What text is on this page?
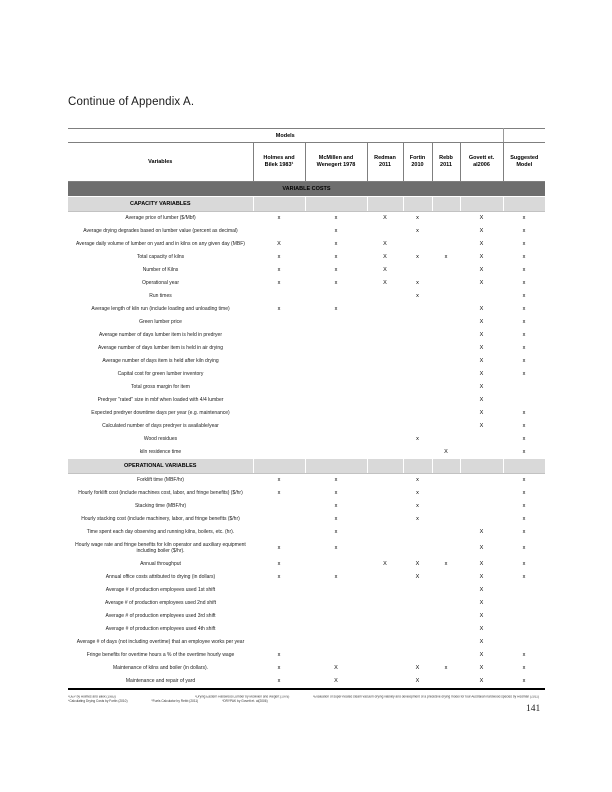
Continue of Appendix A.
Models							
Variables	Holmes and Bilek 1983¹	McMillen and Wenegert 1978	Redman 2011	Fortin 2010	Rebb 2011	Govett et. al2006	Suggested Model
VARIABLE COSTS							
CAPACITY VARIABLES							
Average price of lumber ($/Mbf)	x	x	X	x		X	x
Average drying degrades based on lumber value (percent as decimal)		x		x		X	x
Average daily volume of lumber on yard and in kilns on any given day (MBF)	X	x	X			X	x
Total capacity of kilns	x	x	X	x	x	X	x
Number of Kilns	x	x	X			X	x
Operational year	x	x	X	x		X	x
Run times				x			x
Average length of kiln run (include loading and unloading time)	x	x				X	x
Green lumber price						X	x
Average number of days lumber item is held in predryer						X	x
Average number of days lumber item is held in air drying						X	x
Average number of days item is held after kiln drying						X	x
Capital cost for green lumber inventory						X	x
Total gross margin for item						X	
Predryer "rated" size in mbf when loaded with 4/4 lumber						X	
Expected predryer downtime days per year (e.g. maintenance)						X	x
Calculated number of days predryer is available/year						X	x
Wood residues				x			x
kiln residence time					X		x
OPERATIONAL VARIABLES							
Forklift time (MBF/hr)	x	x		x			x
Hourly forklift cost (include machines cost, labor, and fringe benefits) ($/hr)	x	x		x			x
Stacking time (MBF/hr)		x		x			x
Hourly stacking cost (include machinery, labor, and fringe benefits ($/hr)		x		x			x
Time spent each day observing and running kilns, boilers, etc. (hr).		x				X	x
Hourly wage rate and fringe benefits for kiln operator and auxiliary equipment including boiler ($/hr).	x	x				X	x
Annual throughput	x		X	X	x	X	x
Annual office costs attributed to drying (in dollars)	x	x		X		X	x
Average # of production employees used 1st shift						X	
Average # of production employees used 2nd shift						X	
Average # of production employees used 3rd shift						X	
Average # of production employees used 4th shift						X	
Average # of days (not including overtime) that an employee works per year						X	
Fringe benefits for overtime hours a % of the overtime hourly wage	x					X	x
Maintenance of kilns and boiler (in dollars).	x	X		X	x	X	x
Maintenance and repair of yard	x	X		X		X	x
¹OEP by Holmes and Bilek (1983)	²Drying Eastern Hardwood Lumber by McMillen and Wegert (1978)	³Evaluation of super-heated steam vacuum drying viability and development of a predictive drying model for four Australian hardwood species by Redman (2011)
⁴Calculating Drying Costs by Fortin (2010)	⁵Fuels Calculator by Rebb (2011)	⁶DRYPAK by Govett et. al(2006)
141
